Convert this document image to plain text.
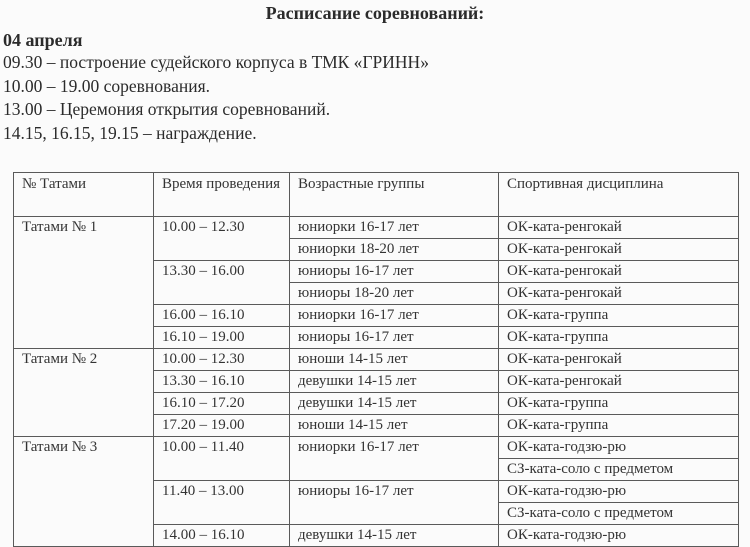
Расписание соревнований:
04 апреля
09.30 – построение судейского корпуса в ТМК «ГРИНН»
10.00 – 19.00 соревнования.
13.00 – Церемония открытия соревнований.
14.15, 16.15, 19.15 – награждение.
№ Татами	Время проведения	Возрастные группы	Спортивная дисциплина
Татами № 1	10.00 – 12.30	юниорки 16-17 лет	ОК-ката-ренгокай
		юниорки 18-20 лет	ОК-ката-ренгокай
	13.30 – 16.00	юниоры 16-17 лет	ОК-ката-ренгокай
		юниоры 18-20 лет	ОК-ката-ренгокай
	16.00 – 16.10	юниорки 16-17 лет	ОК-ката-группа
	16.10 – 19.00	юниоры 16-17 лет	ОК-ката-группа
Татами № 2	10.00 – 12.30	юноши 14-15 лет	ОК-ката-ренгокай
	13.30 – 16.10	девушки 14-15 лет	ОК-ката-ренгокай
	16.10 – 17.20	девушки 14-15 лет	ОК-ката-группа
	17.20 – 19.00	юноши 14-15 лет	ОК-ката-группа
Татами № 3	10.00 – 11.40	юниорки 16-17 лет	ОК-ката-годзю-рю
			СЗ-ката-соло с предметом
	11.40 – 13.00	юниоры 16-17 лет	ОК-ката-годзю-рю
			СЗ-ката-соло с предметом
	14.00 – 16.10	девушки 14-15 лет	ОК-ката-годзю-рю
